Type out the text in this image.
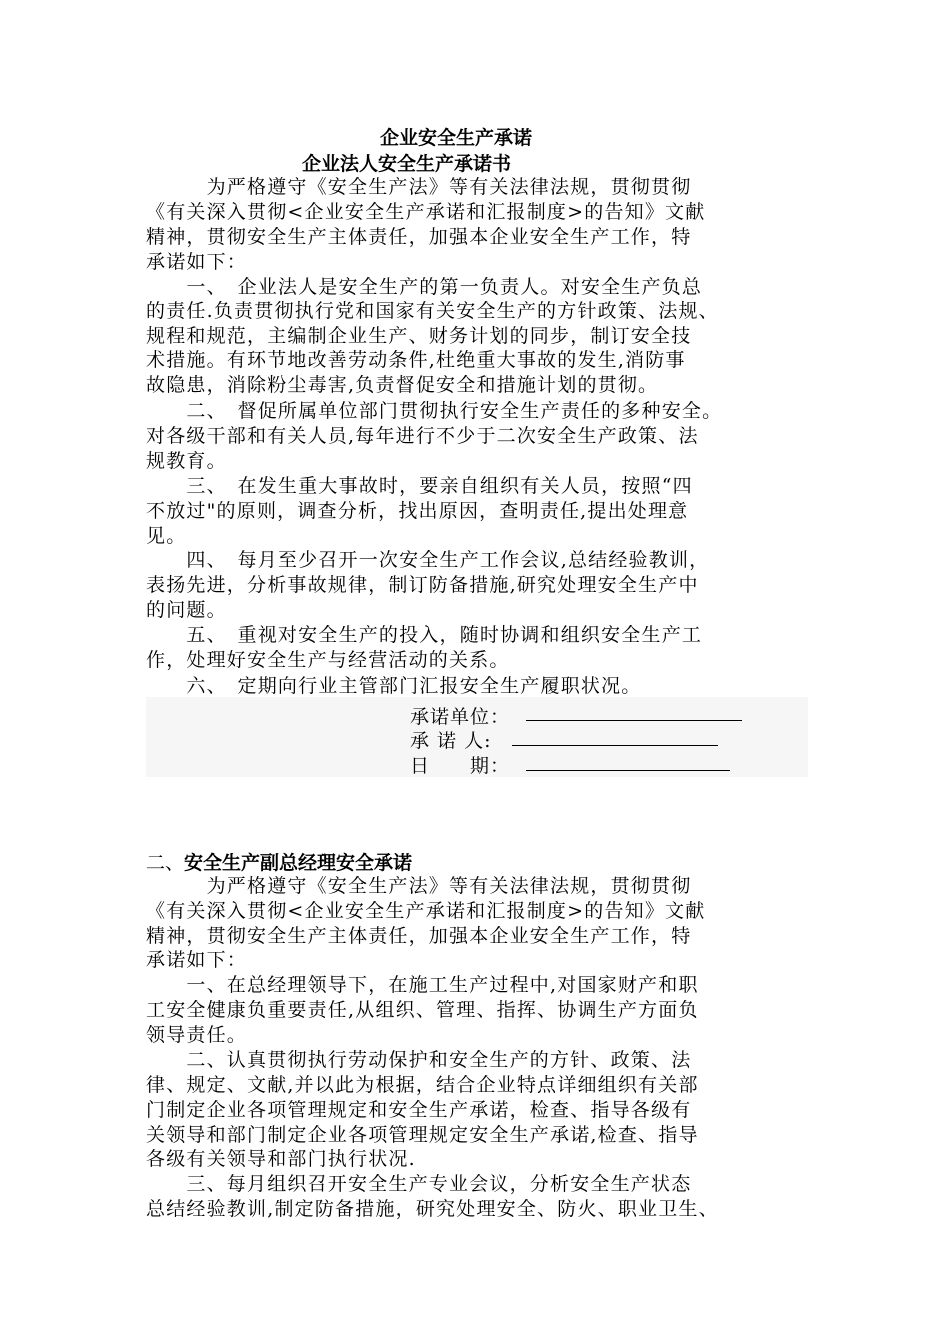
企业安全生产承诺
企业法人安全生产承诺书
　　　为严格遵守《安全生产法》等有关法律法规，贯彻贯彻
《有关深入贯彻<企业安全生产承诺和汇报制度>的告知》文献
精神，贯彻安全生产主体责任，加强本企业安全生产工作，特
承诺如下：
　　一、　企业法人是安全生产的第一负责人。对安全生产负总
的责任.负责贯彻执行党和国家有关安全生产的方针政策、法规、
规程和规范，主编制企业生产、财务计划的同步，制订安全技
术措施。有环节地改善劳动条件,杜绝重大事故的发生,消防事
故隐患，消除粉尘毒害,负责督促安全和措施计划的贯彻。
　　二、　督促所属单位部门贯彻执行安全生产责任的多种安全。
对各级干部和有关人员,每年进行不少于二次安全生产政策、法
规教育。
　　三、　在发生重大事故时，要亲自组织有关人员，按照“四
不放过"的原则，调查分析，找出原因，查明责任,提出处理意
见。
　　四、　每月至少召开一次安全生产工作会议,总结经验教训，
表扬先进，分析事故规律，制订防备措施,研究处理安全生产中
的问题。
　　五、　重视对安全生产的投入，随时协调和组织安全生产工
作，处理好安全生产与经营活动的关系。
　　六、　定期向行业主管部门汇报安全生产履职状况。
承诺单位：
承 诺 人:
日　　期：
二、安全生产副总经理安全承诺
　　　为严格遵守《安全生产法》等有关法律法规，贯彻贯彻
《有关深入贯彻<企业安全生产承诺和汇报制度>的告知》文献
精神，贯彻安全生产主体责任，加强本企业安全生产工作，特
承诺如下：
　　一、在总经理领导下，在施工生产过程中,对国家财产和职
工安全健康负重要责任,从组织、管理、指挥、协调生产方面负
领导责任。
　　二、认真贯彻执行劳动保护和安全生产的方针、政策、法
律、规定、文献,并以此为根据，结合企业特点详细组织有关部
门制定企业各项管理规定和安全生产承诺，检查、指导各级有
关领导和部门制定企业各项管理规定安全生产承诺,检查、指导
各级有关领导和部门执行状况.
　　三、每月组织召开安全生产专业会议，分析安全生产状态
总结经验教训,制定防备措施，研究处理安全、防火、职业卫生、
